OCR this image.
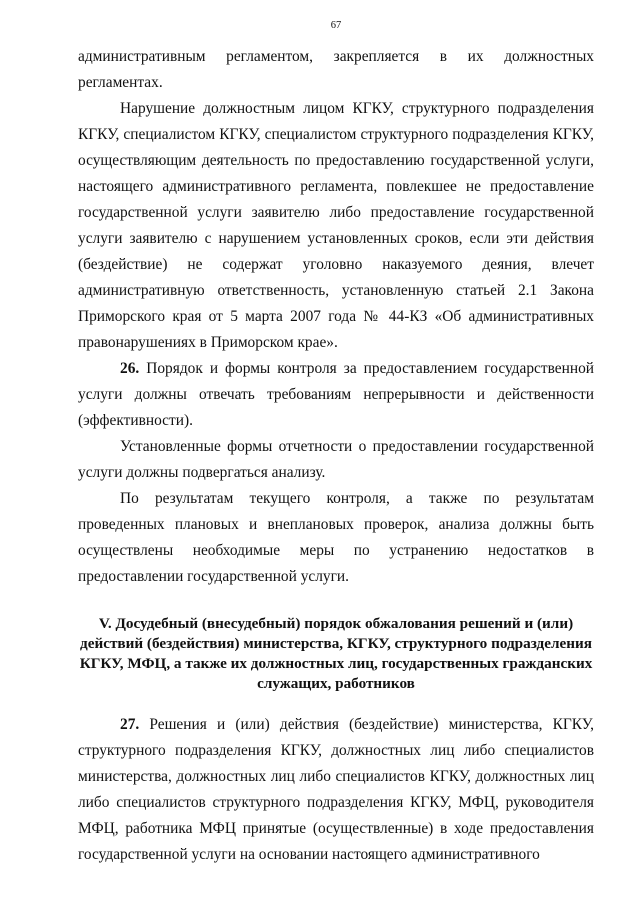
67

административным регламентом, закрепляется в их должностных регламентах.

Нарушение должностным лицом КГКУ, структурного подразделения КГКУ, специалистом КГКУ, специалистом структурного подразделения КГКУ, осуществляющим деятельность по предоставлению государственной услуги, настоящего административного регламента, повлекшее не предоставление государственной услуги заявителю либо предоставление государственной услуги заявителю с нарушением установленных сроков, если эти действия (бездействие) не содержат уголовно наказуемого деяния, влечет административную ответственность, установленную статьей 2.1 Закона Приморского края от 5 марта 2007 года № 44-КЗ «Об административных правонарушениях в Приморском крае».

26. Порядок и формы контроля за предоставлением государственной услуги должны отвечать требованиям непрерывности и действенности (эффективности).

Установленные формы отчетности о предоставлении государственной услуги должны подвергаться анализу.

По результатам текущего контроля, а также по результатам проведенных плановых и внеплановых проверок, анализа должны быть осуществлены необходимые меры по устранению недостатков в предоставлении государственной услуги.

V. Досудебный (внесудебный) порядок обжалования решений и (или) действий (бездействия) министерства, КГКУ, структурного подразделения КГКУ, МФЦ, а также их должностных лиц, государственных гражданских служащих, работников

27. Решения и (или) действия (бездействие) министерства, КГКУ, структурного подразделения КГКУ, должностных лиц либо специалистов министерства, должностных лиц либо специалистов КГКУ, должностных лиц либо специалистов структурного подразделения КГКУ, МФЦ, руководителя МФЦ, работника МФЦ принятые (осуществленные) в ходе предоставления государственной услуги на основании настоящего административного
